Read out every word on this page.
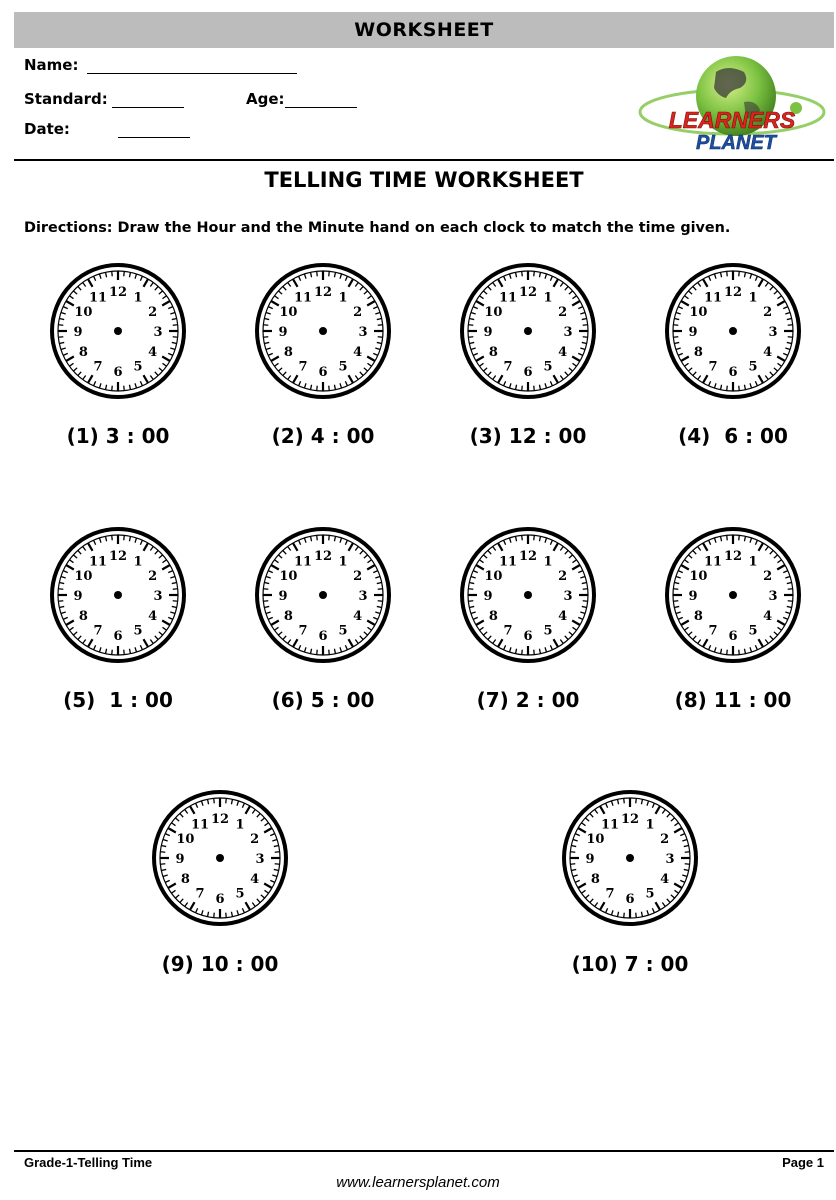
WORKSHEET
Name:
Standard:	Age:
Date:	LEARNERS
PLANET
TELLING TIME WORKSHEET
Directions: Draw the Hour and the Minute hand on each clock to match the time given.
12 1
2
3
4
5
6
7
8
9
10
11
(1) 3 : 00
12 1
2
3
4
5
6
7
8
9
10
11
(2) 4 : 00
12 1
2
3
4
5
6
7
8
9
10
11
(3) 12 : 00
12 1
2
3
4
5
6
7
8
9
10
11
(4)  6 : 00
12 1
2
3
4
5
6
7
8
9
10
11
(5)  1 : 00
12 1
2
3
4
5
6
7
8
9
10
11
(6) 5 : 00
12 1
2
3
4
5
6
7
8
9
10
11
(7) 2 : 00
12 1
2
3
4
5
6
7
8
9
10
11
(8) 11 : 00
12 1
2
3
4
5
6
7
8
9
10
11
(9) 10 : 00
12 1
2
3
4
5
6
7
8
9
10
11
(10) 7 : 00
Grade-1-Telling Time	Page 1
www.learnersplanet.com
